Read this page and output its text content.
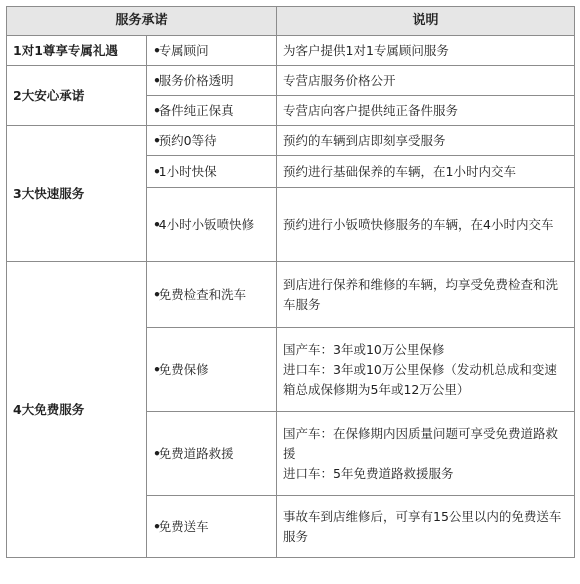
服务承诺		说明
1对1尊享专属礼遇	•专属顾问	为客户提供1对1专属顾问服务

2大安心承诺	•服务价格透明	专营店服务价格公开

	•备件纯正保真	专营店向客户提供纯正备件服务

3大快速服务	•预约0等待	预约的车辆到店即刻享受服务

	•1小时快保	预约进行基础保养的车辆，在1小时内交车

	•4小时小钣喷快修	预约进行小钣喷快修服务的车辆，在4小时内交车

4大免费服务	•免费检查和洗车	到店进行保养和维修的车辆，均享受免费检查和洗车服务

	•免费保修	国产车：3年或10万公里保修
进口车：3年或10万公里保修（发动机总成和变速箱总成保修期为5年或12万公里）

	•免费道路救援	国产车：在保修期内因质量问题可享受免费道路救援
进口车：5年免费道路救援服务

	•免费送车	事故车到店维修后，可享有15公里以内的免费送车服务
